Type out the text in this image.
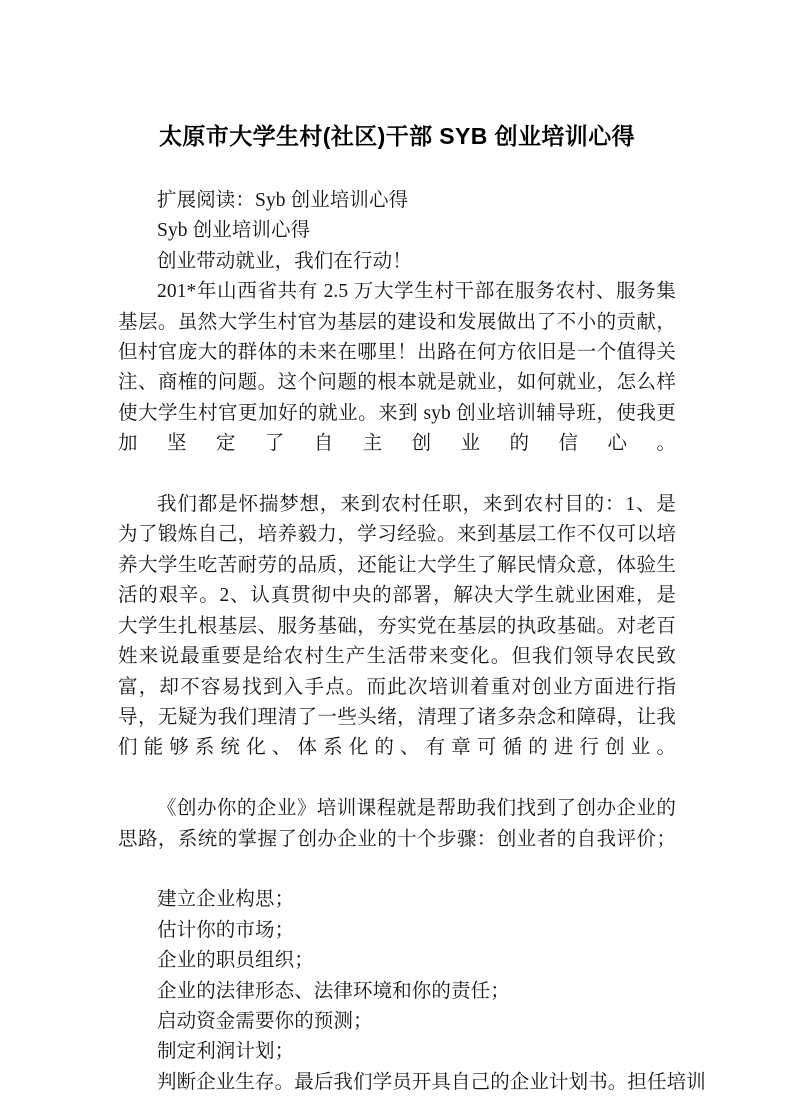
太原市大学生村(社区)干部 SYB 创业培训心得

扩展阅读：Syb 创业培训心得

Syb 创业培训心得

创业带动就业，我们在行动！

201*年山西省共有 2.5 万大学生村干部在服务农村、服务集基层。虽然大学生村官为基层的建设和发展做出了不小的贡献，但村官庞大的群体的未来在哪里！出路在何方依旧是一个值得关注、商榷的问题。这个问题的根本就是就业，如何就业，怎么样使大学生村官更加好的就业。来到 syb 创业培训辅导班，使我更加坚定了自主创业的信心。

我们都是怀揣梦想，来到农村任职，来到农村目的：1、是为了锻炼自己，培养毅力，学习经验。来到基层工作不仅可以培养大学生吃苦耐劳的品质，还能让大学生了解民情众意，体验生活的艰辛。2、认真贯彻中央的部署，解决大学生就业困难，是大学生扎根基层、服务基础，夯实党在基层的执政基础。对老百姓来说最重要是给农村生产生活带来变化。但我们领导农民致富，却不容易找到入手点。而此次培训着重对创业方面进行指导，无疑为我们理清了一些头绪，清理了诸多杂念和障碍，让我们能够系统化、体系化的、有章可循的进行创业。

《创办你的企业》培训课程就是帮助我们找到了创办企业的思路，系统的掌握了创办企业的十个步骤：创业者的自我评价；

建立企业构思；

估计你的市场；

企业的职员组织；

企业的法律形态、法律环境和你的责任；

启动资金需要你的预测；

制定利润计划；

判断企业生存。最后我们学员开具自己的企业计划书。担任培训
